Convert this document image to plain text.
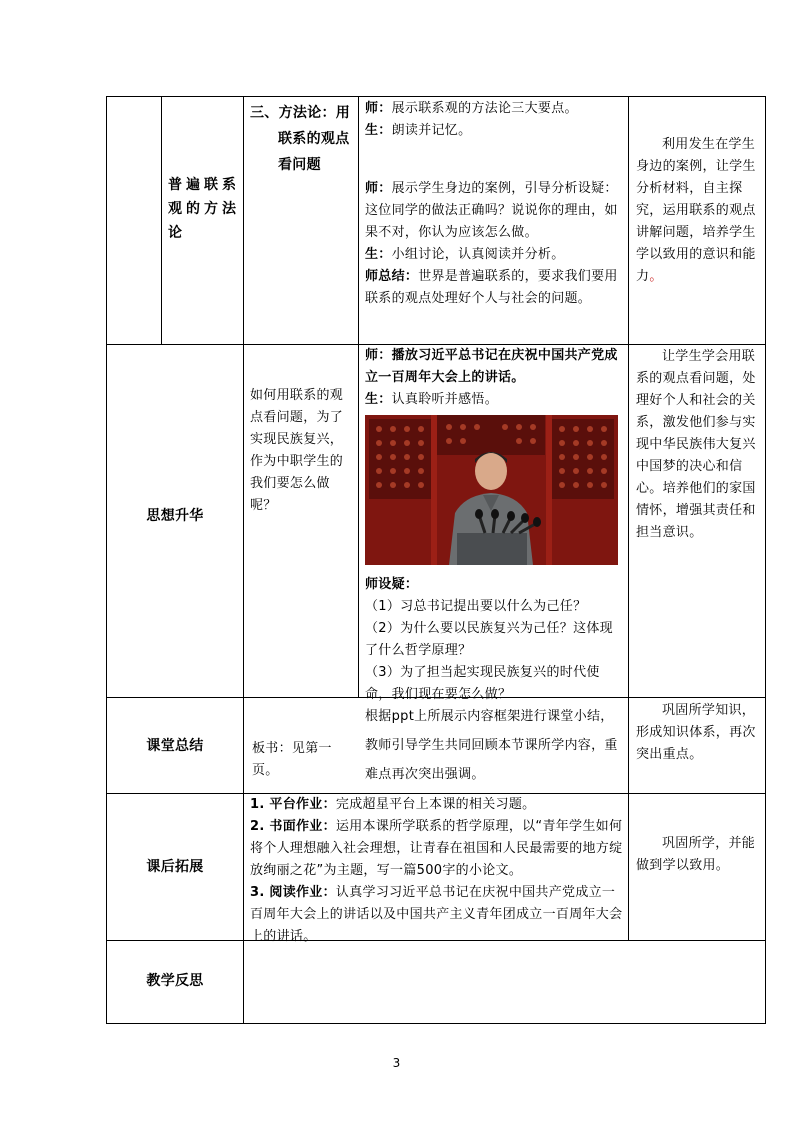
普遍联系观的方法论
三、方法论：用
联系的观点
看问题
师：展示联系观的方法论三大要点。
生：朗读并记忆。
师：展示学生身边的案例，引导分析设疑：这位同学的做法正确吗？说说你的理由，如果不对，你认为应该怎么做。
生：小组讨论，认真阅读并分析。
师总结：世界是普遍联系的，要求我们要用联系的观点处理好个人与社会的问题。
利用发生在学生身边的案例，让学生分析材料，自主探究，运用联系的观点讲解问题，培养学生学以致用的意识和能力。
思想升华
如何用联系的观点看问题，为了实现民族复兴，作为中职学生的我们要怎么做呢？
师：播放习近平总书记在庆祝中国共产党成立一百周年大会上的讲话。
生：认真聆听并感悟。
师设疑：
（1）习总书记提出要以什么为己任？
（2）为什么要以民族复兴为己任？这体现了什么哲学原理？
（3）为了担当起实现民族复兴的时代使命，我们现在要怎么做？
让学生学会用联系的观点看问题，处理好个人和社会的关系，激发他们参与实现中华民族伟大复兴中国梦的决心和信心。培养他们的家国情怀，增强其责任和担当意识。
课堂总结	板书：见第一页。
根据ppt上所展示内容框架进行课堂小结，教师引导学生共同回顾本节课所学内容，重难点再次突出强调。
巩固所学知识，形成知识体系，再次突出重点。
课后拓展
1. 平台作业：完成超星平台上本课的相关习题。
2. 书面作业：运用本课所学联系的哲学原理，以“青年学生如何将个人理想融入社会理想，让青春在祖国和人民最需要的地方绽放绚丽之花”为主题，写一篇500字的小论文。
3. 阅读作业：认真学习习近平总书记在庆祝中国共产党成立一百周年大会上的讲话以及中国共产主义青年团成立一百周年大会上的讲话。
巩固所学，并能做到学以致用。
教学反思
3
